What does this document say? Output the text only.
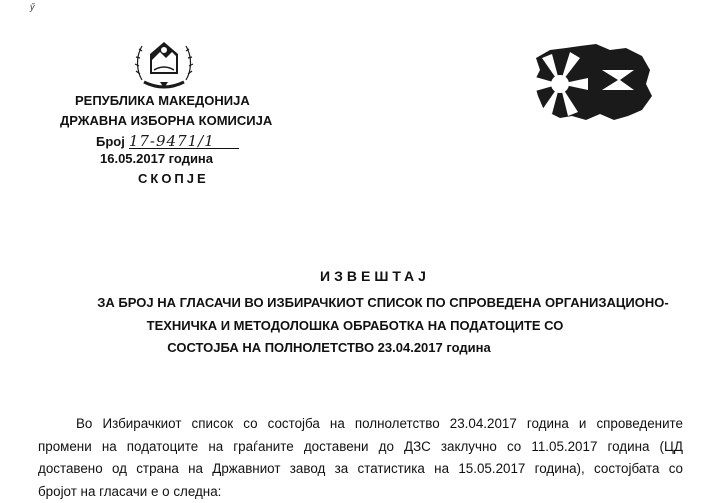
ӳ
РЕПУБЛИКА МАКЕДОНИЈА
ДРЖАВНА ИЗБОРНА КОМИСИЈА
Број 17-9471/1
16.05.2017 година
СКОПЈЕ
ИЗВЕШТАЈ
ЗА БРОЈ НА ГЛАСАЧИ ВО ИЗБИРАЧКИОТ СПИСОК ПО СПРОВЕДЕНА ОРГАНИЗАЦИОНО-
ТЕХНИЧКА И МЕТОДОЛОШКА ОБРАБОТКА НА ПОДАТОЦИТЕ СО
СОСТОЈБА НА ПОЛНОЛЕТСТВО 23.04.2017 година
Во Избирачкиот список со состојба на полнолетство 23.04.2017 година и спроведените
промени на податоците на граѓаните доставени до ДЗС заклучно со 11.05.2017 година (ЦД
доставено од страна на Државниот завод за статистика на 15.05.2017 година), состојбата со
бројот на гласачи е о следна:
